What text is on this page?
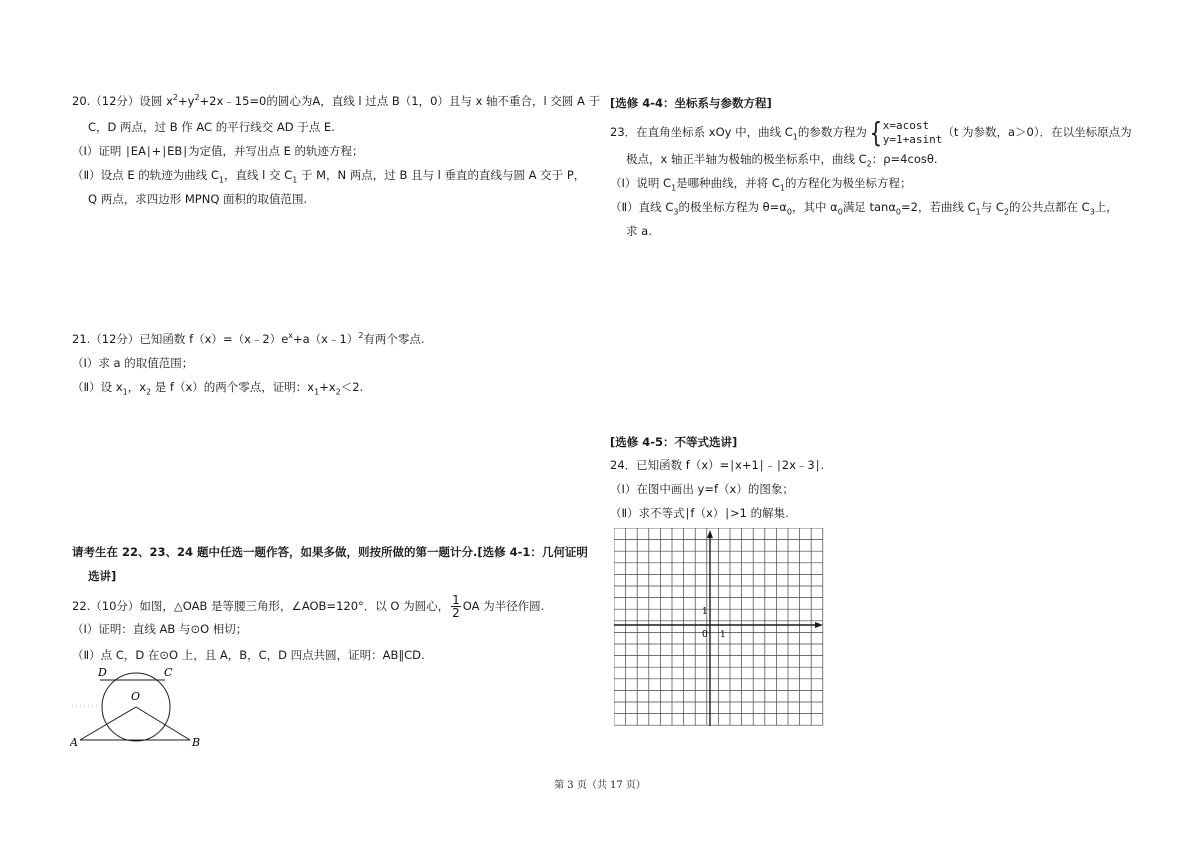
20.（12分）设圆 $x^2+y^2+2x﹣15=0$的圆心为A，直线 l 过点 B（1，0）且与 x 轴不重合，l 交圆 A 于
C，D 两点，过 B 作 AC 的平行线交 AD 于点 E.
（Ⅰ）证明 ∣EA∣+∣EB∣为定值，并写出点 E 的轨迹方程；
（Ⅱ）设点 E 的轨迹为曲线 $C_1$，直线 l 交 $C_1$ 于 M，N 两点，过 B 且与 l 垂直的直线与圆 A 交于 P，
Q 两点，求四边形 MPNQ 面积的取值范围.
21.（12分）已知函数 $f(x)=(x﹣2)e^x+a(x﹣1)^2$有两个零点.
（Ⅰ）求 a 的取值范围；
（Ⅱ）设 $x_1$，$x_2$ 是 f（x）的两个零点，证明：$x_1+x_2<2$.
请考生在 22、23、24 题中任选一题作答，如果多做，则按所做的第一题计分.[选修 4-1：几何证明
选讲]
22.（10分）如图，△OAB 是等腰三角形，∠AOB=120°．以 O 为圆心， $\frac{1}{2}$ OA 为半径作圆.
（Ⅰ）证明：直线 AB 与⊙O 相切；
（Ⅱ）点 C，D 在⊙O 上，且 A，B，C，D 四点共圆，证明：AB∥CD.
D	C
O
A	B
[选修 4-4：坐标系与参数方程]
23．在直角坐标系 xOy 中，曲线 $C_1$的参数方程为{ x=acost
y=1+asint （t 为参数，a＞0）．在以坐标原点为
极点，x 轴正半轴为极轴的极坐标系中，曲线 $C_2$：ρ=4cosθ.
（Ⅰ）说明 $C_1$是哪种曲线，并将 $C_1$的方程化为极坐标方程；
（Ⅱ）直线 $C_3$的极坐标方程为 $\theta=\alpha_0$，其中 $\alpha_0$满足 tanα$_0$=2，若曲线 $C_1$与 $C_2$的公共点都在 $C_3$上，
求 a.
[选修 4-5：不等式选讲]
24．已知函数 f（x）=∣x+1∣﹣∣2x﹣3∣.
（Ⅰ）在图中画出 y=f（x）的图象；
（Ⅱ）求不等式∣f（x）∣>1 的解集.
1
0 1
第 3 页（共 17 页）
